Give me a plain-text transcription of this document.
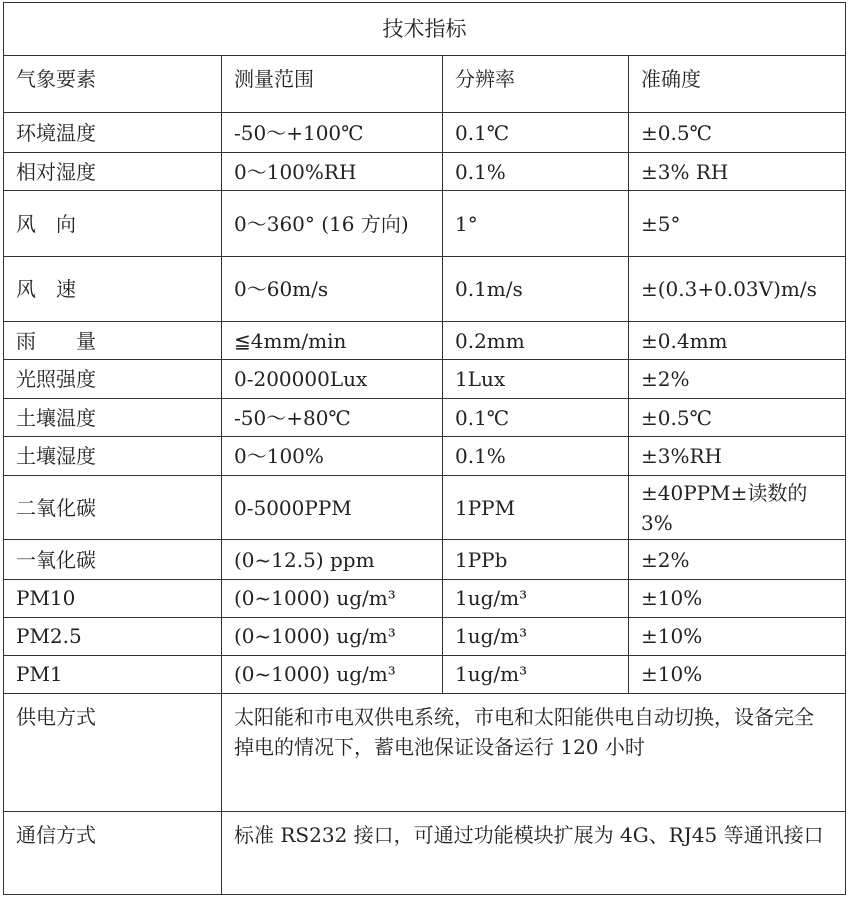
技术指标			
气象要素	测量范围	分辨率	准确度
环境温度	-50～+100℃	0.1℃	±0.5℃
相对湿度	0～100%RH	0.1%	±3% RH
风　向	0～360° (16 方向)	1°	±5°
风　速	0～60m/s	0.1m/s	±(0.3+0.03V)m/s
雨　　量	≦4mm/min	0.2mm	±0.4mm
光照强度	0-200000Lux	1Lux	±2%
土壤温度	-50～+80℃	0.1℃	±0.5℃
土壤湿度	0～100%	0.1%	±3%RH
二氧化碳	0-5000PPM	1PPM	±40PPM±读数的3%
一氧化碳	(0~12.5) ppm	1PPb	±2%
PM10	(0~1000) ug/m³	1ug/m³	±10%
PM2.5	(0~1000) ug/m³	1ug/m³	±10%
PM1	(0~1000) ug/m³	1ug/m³	±10%
供电方式	太阳能和市电双供电系统，市电和太阳能供电自动切换，设备完全掉电的情况下，蓄电池保证设备运行 120 小时		
通信方式	标准 RS232 接口，可通过功能模块扩展为 4G、RJ45 等通讯接口		
